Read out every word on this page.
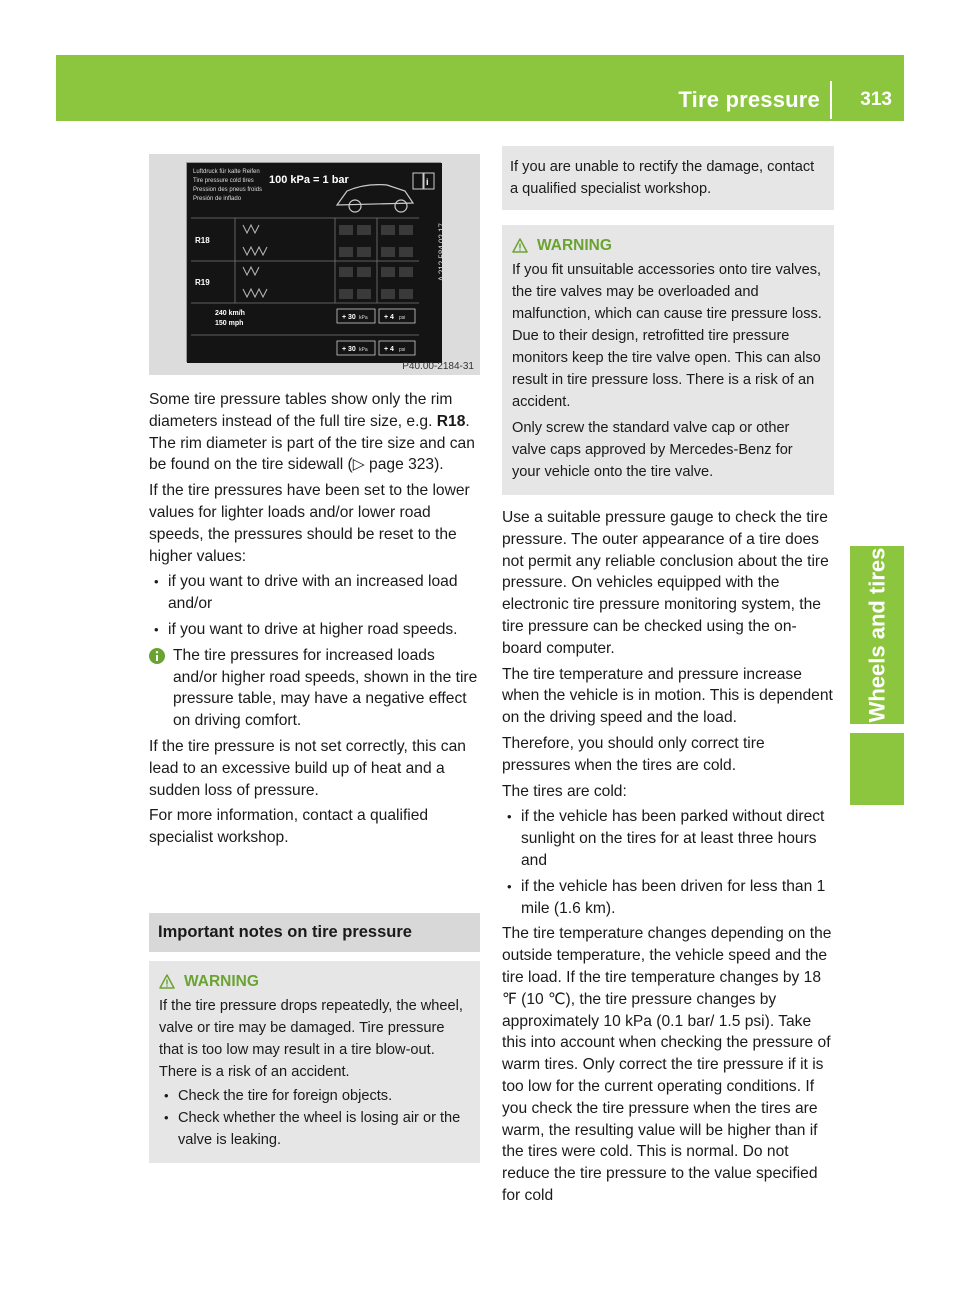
Tire pressure 313
Wheels and tires
Luftdruck für kalte Reifen
Tire pressure cold tires
Pression des pneus froids
Presión de inflado
100 kPa = 1 bar	i
R18
R19
240 km/h
150 mph
+ 30 kPa + 4 psi
+ 30 kPa + 4 psi
A 212 584 02 17
P40.00-2184-31

Some tire pressure tables show only the rim diameters instead of the full tire size, e.g. R18. The rim diameter is part of the tire size and can be found on the tire sidewall (▷ page 323).

If the tire pressures have been set to the lower values for lighter loads and/or lower road speeds, the pressures should be reset to the higher values:

• if you want to drive with an increased load and/or
• if you want to drive at higher road speeds.
The tire pressures for increased loads and/or higher road speeds, shown in the tire pressure table, may have a negative effect on driving comfort.

If the tire pressure is not set correctly, this can lead to an excessive build up of heat and a sudden loss of pressure.

For more information, contact a qualified specialist workshop.

Important notes on tire pressure
WARNING

If the tire pressure drops repeatedly, the wheel, valve or tire may be damaged. Tire pressure that is too low may result in a tire blow-out. There is a risk of an accident.

• Check the tire for foreign objects.
• Check whether the wheel is losing air or the valve is leaking.

If you are unable to rectify the damage, contact a qualified specialist workshop.

WARNING

If you fit unsuitable accessories onto tire valves, the tire valves may be overloaded and malfunction, which can cause tire pressure loss. Due to their design, retrofitted tire pressure monitors keep the tire valve open. This can also result in tire pressure loss. There is a risk of an accident.

Only screw the standard valve cap or other valve caps approved by Mercedes-Benz for your vehicle onto the tire valve.

Use a suitable pressure gauge to check the tire pressure. The outer appearance of a tire does not permit any reliable conclusion about the tire pressure. On vehicles equipped with the electronic tire pressure monitoring system, the tire pressure can be checked using the on-board computer.

The tire temperature and pressure increase when the vehicle is in motion. This is dependent on the driving speed and the load.

Therefore, you should only correct tire pressures when the tires are cold.

The tires are cold:

• if the vehicle has been parked without direct sunlight on the tires for at least three hours and
• if the vehicle has been driven for less than 1 mile (1.6 km).

The tire temperature changes depending on the outside temperature, the vehicle speed and the tire load. If the tire temperature changes by 18 ℉ (10 ℃), the tire pressure changes by approximately 10 kPa (0.1 bar/ 1.5 psi). Take this into account when checking the pressure of warm tires. Only correct the tire pressure if it is too low for the current operating conditions. If you check the tire pressure when the tires are warm, the resulting value will be higher than if the tires were cold. This is normal. Do not reduce the tire pressure to the value specified for cold
